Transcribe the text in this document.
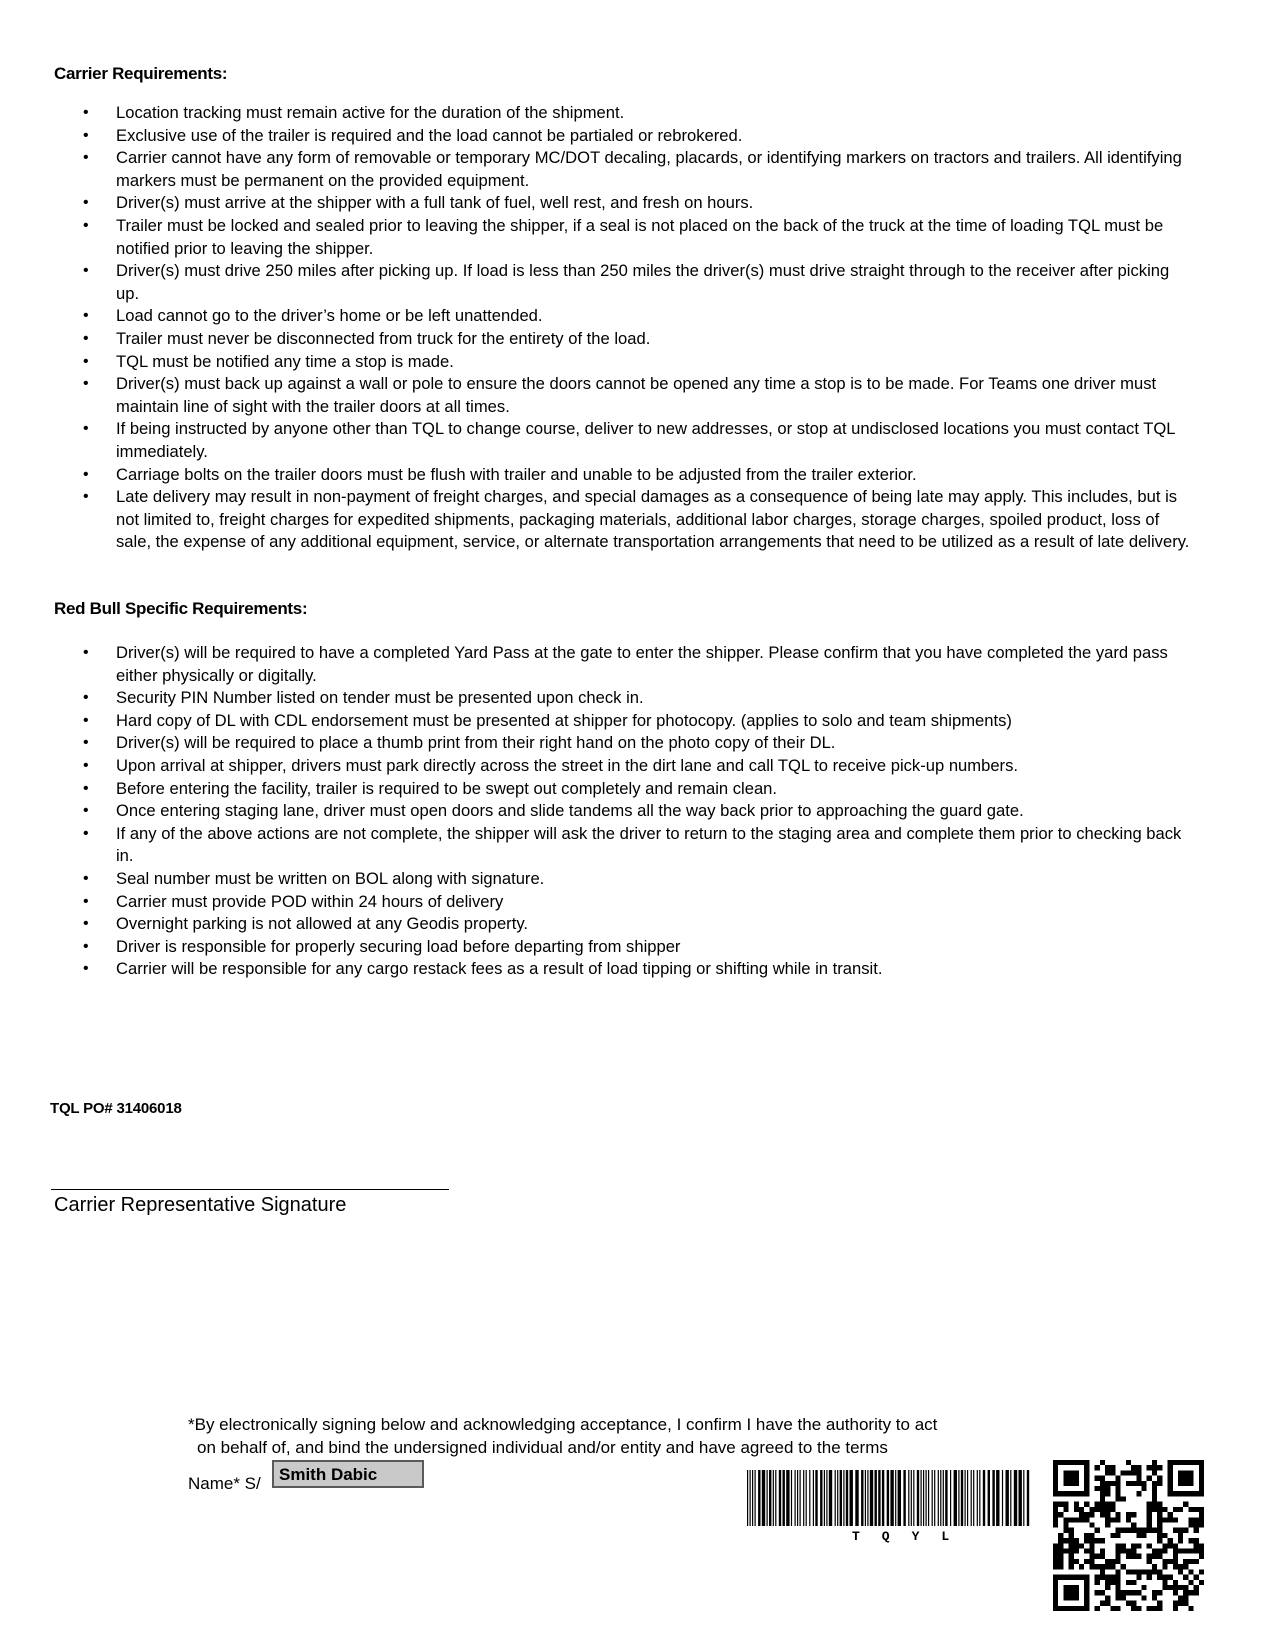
Carrier Requirements:
• Location tracking must remain active for the duration of the shipment.
• Exclusive use of the trailer is required and the load cannot be partialed or rebrokered.
• Carrier cannot have any form of removable or temporary MC/DOT decaling, placards, or identifying markers on tractors and trailers. All identifying markers must be permanent on the provided equipment.
• Driver(s) must arrive at the shipper with a full tank of fuel, well rest, and fresh on hours.
• Trailer must be locked and sealed prior to leaving the shipper, if a seal is not placed on the back of the truck at the time of loading TQL must be notified prior to leaving the shipper.
• Driver(s) must drive 250 miles after picking up. If load is less than 250 miles the driver(s) must drive straight through to the receiver after picking up.
• Load cannot go to the driver’s home or be left unattended.
• Trailer must never be disconnected from truck for the entirety of the load.
• TQL must be notified any time a stop is made.
• Driver(s) must back up against a wall or pole to ensure the doors cannot be opened any time a stop is to be made. For Teams one driver must maintain line of sight with the trailer doors at all times.
• If being instructed by anyone other than TQL to change course, deliver to new addresses, or stop at undisclosed locations you must contact TQL immediately.
• Carriage bolts on the trailer doors must be flush with trailer and unable to be adjusted from the trailer exterior.
• Late delivery may result in non-payment of freight charges, and special damages as a consequence of being late may apply. This includes, but is not limited to, freight charges for expedited shipments, packaging materials, additional labor charges, storage charges, spoiled product, loss of sale, the expense of any additional equipment, service, or alternate transportation arrangements that need to be utilized as a result of late delivery.
Red Bull Specific Requirements:
• Driver(s) will be required to have a completed Yard Pass at the gate to enter the shipper. Please confirm that you have completed the yard pass either physically or digitally.
• Security PIN Number listed on tender must be presented upon check in.
• Hard copy of DL with CDL endorsement must be presented at shipper for photocopy. (applies to solo and team shipments)
• Driver(s) will be required to place a thumb print from their right hand on the photo copy of their DL.
• Upon arrival at shipper, drivers must park directly across the street in the dirt lane and call TQL to receive pick-up numbers.
• Before entering the facility, trailer is required to be swept out completely and remain clean.
• Once entering staging lane, driver must open doors and slide tandems all the way back prior to approaching the guard gate.
• If any of the above actions are not complete, the shipper will ask the driver to return to the staging area and complete them prior to checking back in.
• Seal number must be written on BOL along with signature.
• Carrier must provide POD within 24 hours of delivery
• Overnight parking is not allowed at any Geodis property.
• Driver is responsible for properly securing load before departing from shipper
• Carrier will be responsible for any cargo restack fees as a result of load tipping or shifting while in transit.
TQL PO# 31406018
Carrier Representative Signature
*By electronically signing below and acknowledging acceptance, I confirm I have the authority to act
on behalf of, and bind the undersigned individual and/or entity and have agreed to the terms
Name* S/	Smith Dabic
TQYL
